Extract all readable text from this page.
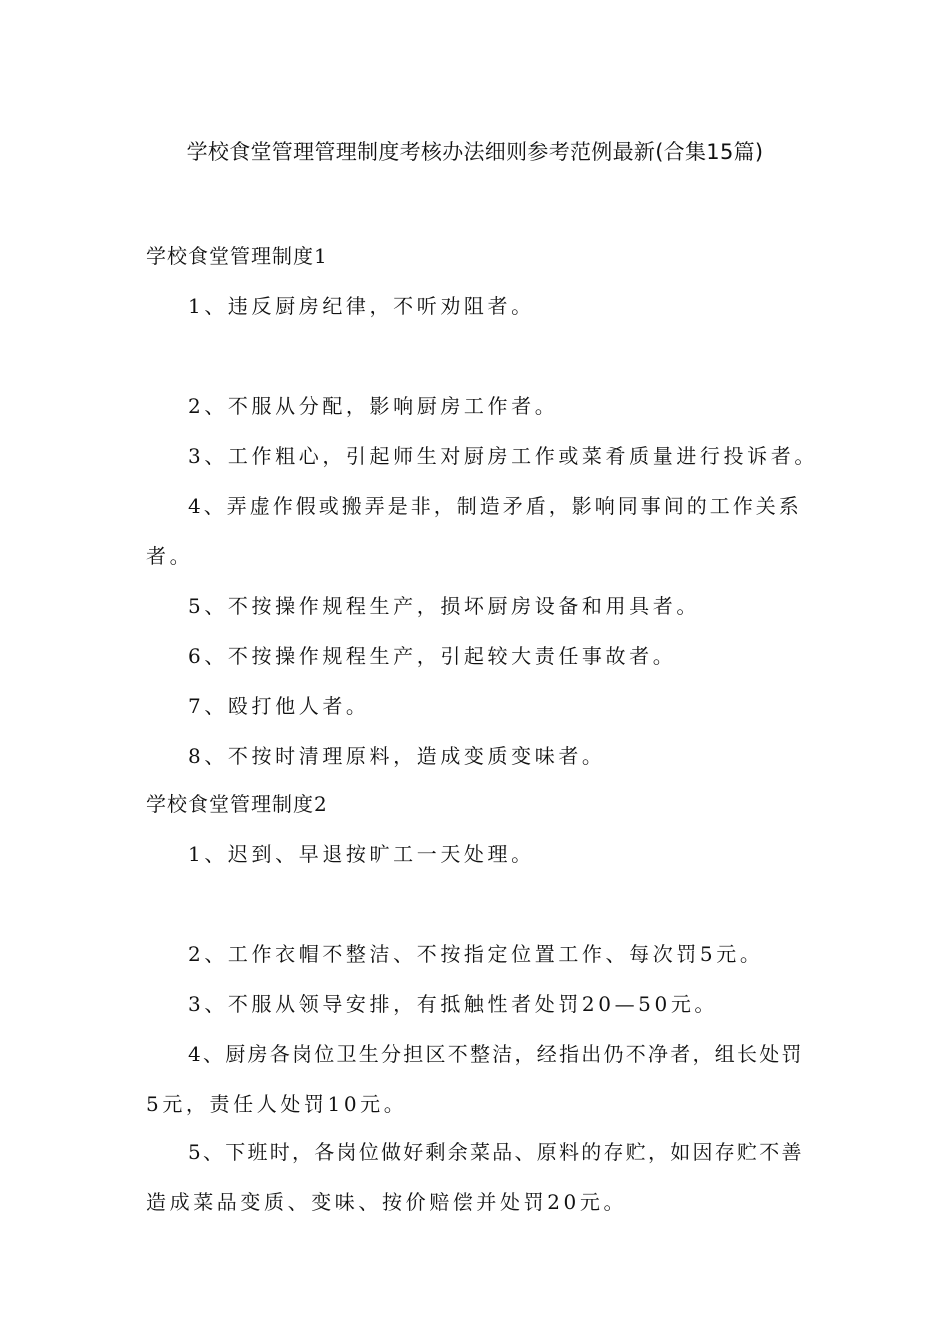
学校食堂管理管理制度考核办法细则参考范例最新(合集15篇)
学校食堂管理制度1
1、违反厨房纪律，不听劝阻者。
2、不服从分配，影响厨房工作者。
3、工作粗心，引起师生对厨房工作或菜肴质量进行投诉者。
4、弄虚作假或搬弄是非，制造矛盾，影响同事间的工作关系
者。
5、不按操作规程生产，损坏厨房设备和用具者。
6、不按操作规程生产，引起较大责任事故者。
7、殴打他人者。
8、不按时清理原料，造成变质变味者。
学校食堂管理制度2
1、迟到、早退按旷工一天处理。
2、工作衣帽不整洁、不按指定位置工作、每次罚5元。
3、不服从领导安排，有抵触性者处罚20—50元。
4、厨房各岗位卫生分担区不整洁，经指出仍不净者，组长处罚
5元，责任人处罚10元。
5、下班时，各岗位做好剩余菜品、原料的存贮，如因存贮不善
造成菜品变质、变味、按价赔偿并处罚20元。
